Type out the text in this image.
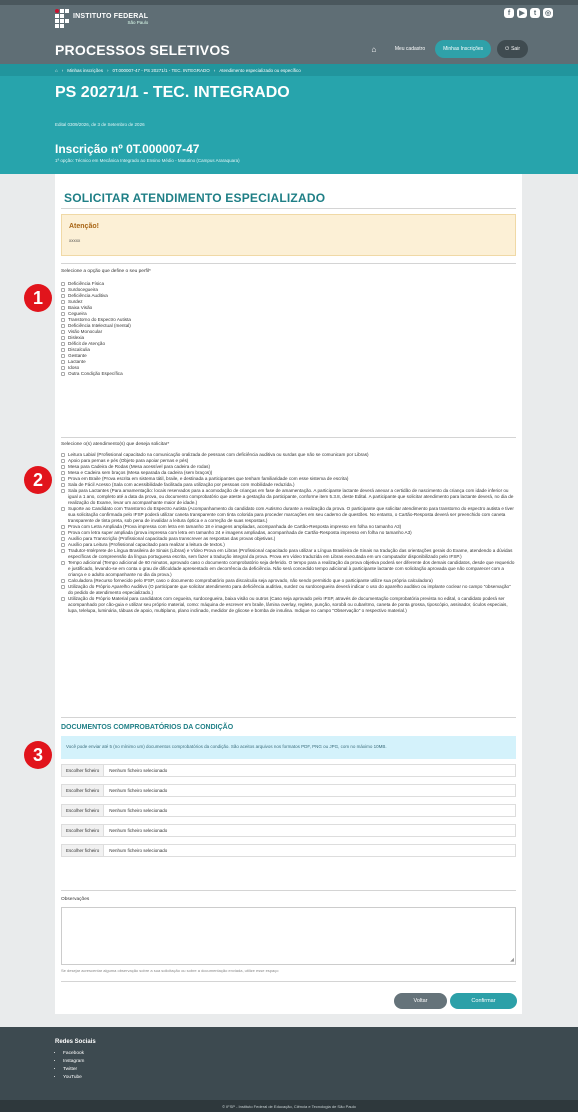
INSTITUTO FEDERAL
São Paulo
f	▶	t	◎
PROCESSOS SELETIVOS	⌂	Meu cadastro	Minhas Inscrições	⏻ Sair
⌂ › Minhas inscrições › 0T.000007-47 - PS 20271/1 - TEC. INTEGRADO › Atendimento especializado ou específico
PS 20271/1 - TEC. INTEGRADO
Edital 0309/2026, de 3 de Setembro de 2026
Inscrição nº 0T.000007-47
1ª opção: Técnico em Mecânica Integrado ao Ensino Médio - Matutino (Campus Araraquara)
SOLICITAR ATENDIMENTO ESPECIALIZADO
Atenção!
xxxxx
Selecione a opção que define o seu perfil*
Deficiência Física
Surdocegueira
Deficiência Auditiva
Surdez
Baixa Visão
Cegueira
Transtorno do Espectro Autista
Deficiência Intelectual (mental)
Visão Monocular
Dislexia
Déficit de Atenção
Discalculia
Gestante
Lactante
Idoso
Outra Condição Específica
Selecione o(s) atendimento(s) que deseja solicitar*
Leitura Labial (Profissional capacitado na comunicação oralizada de pessoas com deficiência auditiva ou surdas que não se comunicam por Libras)
Apoio para pernas e pés (Objeto para apoiar pernas e pés)
Mesa para Cadeira de Rodas (Mesa acessível para cadeira de rodas)
Mesa e Cadeira sem braços (Mesa separada da cadeira (sem braços))
Prova em Braile (Prova escrita em sistema tátil, braile, e destinada a participantes que tenham familiaridade com esse sistema de escrita)
Sala de Fácil Acesso (Sala com acessibilidade facilitada para utilização por pessoas com mobilidade reduzida.)
Sala para Lactantes (Para amamentação: locais reservados para a acomodação de crianças em fase de amamentação. A participante lactante deverá anexar a certidão de nascimento da criança com idade inferior ou igual a 1 ano, completo até a data da prova, ou documento comprobatório que ateste a gestação da participante, conforme item 5.3.8, deste Edital. A participante que solicitar atendimento para lactante deverá, no dia de realização do Exame, levar um acompanhante maior de idade.)
Suporte ao Candidato com Transtorno do Espectro Autista (Acompanhamento do candidato com Autismo durante a realização da prova. O participante que solicitar atendimento para transtorno do espectro autista e tiver sua solicitação confirmada pelo IFSP poderá utilizar caneta transparente com tinta colorida para proceder marcações em seu caderno de questões. No entanto, o Cartão-Resposta deverá ser preenchido com caneta transparente de tinta preta, sob pena de invalidar a leitura óptica e a correção de suas respostas.)
Prova com Letra Ampliada (Prova impressa com letra em tamanho 18 e imagens ampliadas, acompanhada de Cartão-Resposta impresso em folha no tamanho A3)
Prova com letra super ampliada (prova impressa com letra em tamanho 24 e imagens ampliadas, acompanhada de Cartão-Resposta impresso em folha no tamanho A3)
Auxílio para Transcrição (Profissional capacitado para transcrever as respostas das provas objetivas.)
Auxílio para Leitura (Profissional capacitado para realizar a leitura de textos.)
Tradutor-Intérprete de Língua Brasileira de Sinais (Libras) e Vídeo Prova em Libras (Profissional capacitado para utilizar a Língua Brasileira de Sinais na tradução das orientações gerais do Exame, atendendo a dúvidas específicas de compreensão da língua portuguesa escrita, sem fazer a tradução integral da prova. Prova em vídeo traduzida em Libras executada em um computador disponibilizado pelo IFSP.)
Tempo adicional (Tempo adicional de 60 minutos, aprovado caso o documento comprobatório seja deferido. O tempo para a realização da prova objetiva poderá ser diferente dos demais candidatos, desde que requerido e justificado, levando-se em conta o grau de dificuldade apresentado em decorrência da deficiência. Não será concedido tempo adicional à participante lactante com solicitação aprovada que não comparecer com a criança e o adulto acompanhante no dia da prova.)
Calculadora (Recurso fornecido pelo IFSP, caso o documento comprobatório para discalculia seja aprovado, não sendo permitido que o participante utilize sua própria calculadora)
Utilização do Próprio Aparelho Auditivo (O participante que solicitar atendimento para deficiência auditiva, surdez ou surdocegueira deverá indicar o uso do aparelho auditivo ou implante coclear no campo "observação" do pedido de atendimento especializado.)
Utilização do Próprio Material para candidatos com cegueira, surdocegueira, baixa visão ou outros (Caso seja aprovado pelo IFSP, através de documentação comprobatória prevista no edital, o candidato poderá ser acompanhado por cão-guia e utilizar seu próprio material, como: máquina de escrever em braile, lâmina overlay, reglete, punção, sorobã ou cubaritmo, caneta de ponta grossa, tiposcópio, assinador, óculos especiais, lupa, telelupa, luminária, tábuas de apoio, multiplano, plano inclinado, medidor de glicose e bomba de insulina. Indique no campo "Observação" o respectivo material.)
DOCUMENTOS COMPROBATÓRIOS DA CONDIÇÃO
Você pode enviar até 5 (no mínimo um) documentos comprobatórios da condição. São aceitos arquivos nos formatos PDF, PNG ou JPG, com no máximo 10MB.
Escolher ficheiro	Nenhum ficheiro selecionado
Escolher ficheiro	Nenhum ficheiro selecionado
Escolher ficheiro	Nenhum ficheiro selecionado
Escolher ficheiro	Nenhum ficheiro selecionado
Escolher ficheiro	Nenhum ficheiro selecionado
Observações
◢
Se desejar acrescentar alguma observação sobre a sua solicitação ou sobre a documentação enviada, utilize esse espaço
Voltar	Confirmar
1
2
3
Redes Sociais
• Facebook
• Instagram
• Twitter
• YouTube
© IFSP - Instituto Federal de Educação, Ciência e Tecnologia de São Paulo
